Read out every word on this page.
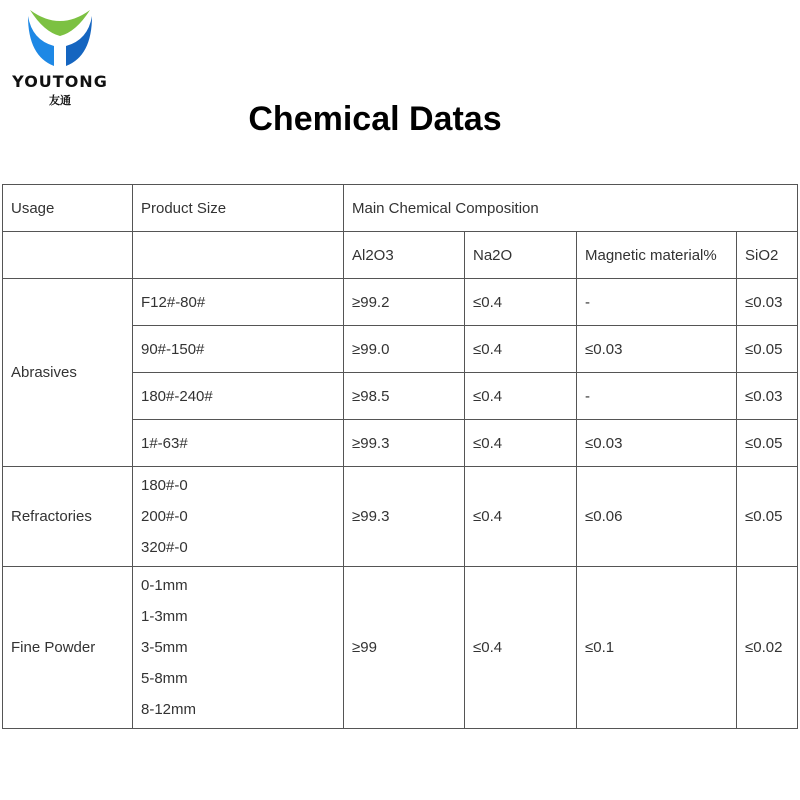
YOUTONG
友通	Chemical Datas
Usage	Product Size	Main Chemical Composition			
		Al2O3	Na2O	Magnetic material%	SiO2
Abrasives	F12#-80#	≥99.2	≤0.4	-	≤0.03
	90#-150#	≥99.0	≤0.4	≤0.03	≤0.05
	180#-240#	≥98.5	≤0.4	-	≤0.03
	1#-63#	≥99.3	≤0.4	≤0.03	≤0.05
Refractories	180#-0
200#-0
320#-0	≥99.3	≤0.4	≤0.06	≤0.05
Fine Powder	0-1mm
1-3mm
3-5mm
5-8mm
8-12mm	≥99	≤0.4	≤0.1	≤0.02
